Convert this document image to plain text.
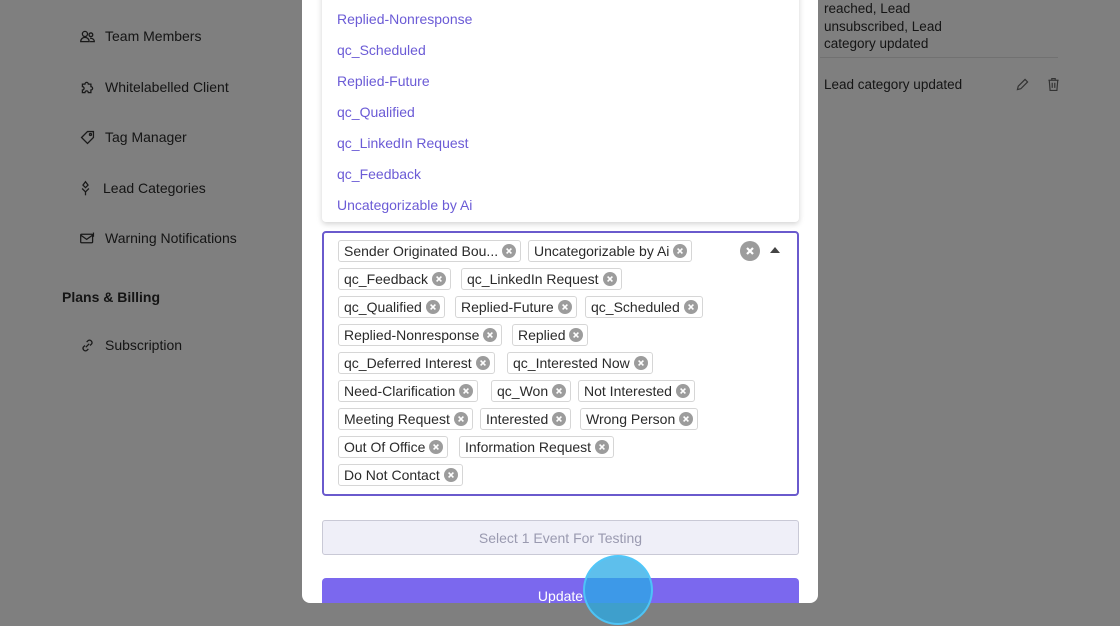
Replied-Nonresponse
qc_Scheduled
Replied-Future
qc_Qualified
qc_LinkedIn Request
qc_Feedback
Uncategorizable by Ai
Sender Originated Bou...	Uncategorizable by Ai
qc_Feedback	qc_LinkedIn Request
qc_Qualified	Replied-Future	qc_Scheduled
Replied-Nonresponse	Replied
qc_Deferred Interest	qc_Interested Now
Need-Clarification	qc_Won	Not Interested
Meeting Request	Interested	Wrong Person
Out Of Office	Information Request
Do Not Contact
Select 1 Event For Testing
Update
